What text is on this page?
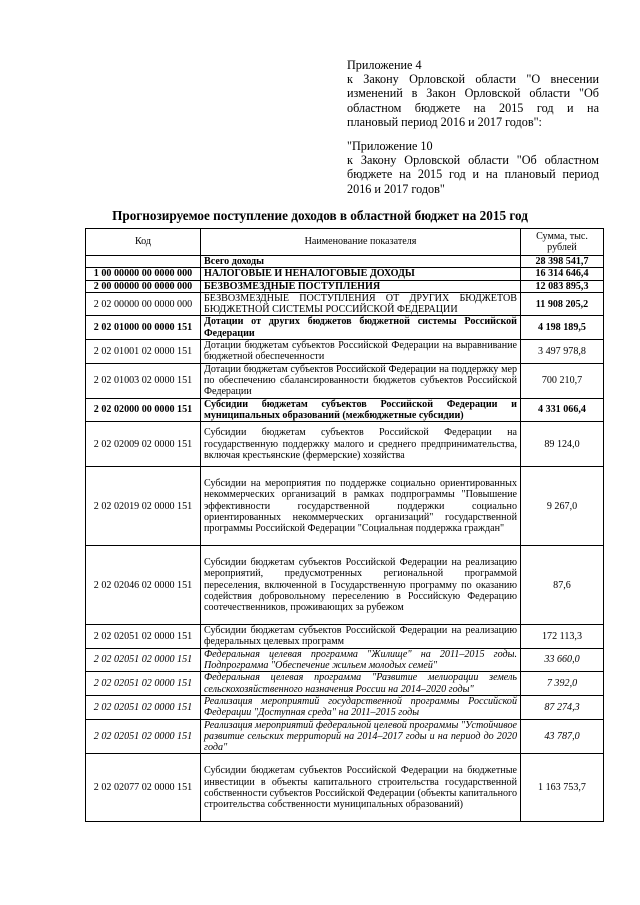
Приложение 4
к Закону Орловской области "О внесении
изменений в Закон Орловской области "Об
областном бюджете на 2015 год и на
плановый период 2016 и 2017 годов":
"Приложение 10
к Закону Орловской области "Об областном
бюджете на 2015 год и на плановый период
2016 и 2017 годов"
Прогнозируемое поступление доходов в областной бюджет на 2015 год
Код	Наименование показателя	Сумма, тыс. рублей
	Всего доходы	28 398 541,7
1 00 00000 00 0000 000	НАЛОГОВЫЕ И НЕНАЛОГОВЫЕ ДОХОДЫ	16 314 646,4
2 00 00000 00 0000 000	БЕЗВОЗМЕЗДНЫЕ ПОСТУПЛЕНИЯ	12 083 895,3
2 02 00000 00 0000 000	БЕЗВОЗМЕЗДНЫЕ ПОСТУПЛЕНИЯ ОТ ДРУГИХ БЮДЖЕТОВ БЮДЖЕТНОЙ СИСТЕМЫ РОССИЙСКОЙ ФЕДЕРАЦИИ	11 908 205,2
2 02 01000 00 0000 151	Дотации от других бюджетов бюджетной системы Российской Федерации	4 198 189,5
2 02 01001 02 0000 151	Дотации бюджетам субъектов Российской Федерации на выравнивание бюджетной обеспеченности	3 497 978,8
2 02 01003 02 0000 151	Дотации бюджетам субъектов Российской Федерации на поддержку мер по обеспечению сбалансированности бюджетов субъектов Российской Федерации	700 210,7
2 02 02000 00 0000 151	Субсидии бюджетам субъектов Российской Федерации и муниципальных образований (межбюджетные субсидии)	4 331 066,4
2 02 02009 02 0000 151	Субсидии бюджетам субъектов Российской Федерации на государственную поддержку малого и среднего предпринимательства, включая крестьянские (фермерские) хозяйства	89 124,0
2 02 02019 02 0000 151	Субсидии на мероприятия по поддержке социально ориентированных некоммерческих организаций в рамках подпрограммы "Повышение эффективности государственной поддержки социально ориентированных некоммерческих организаций" государственной программы Российской Федерации "Социальная поддержка граждан"	9 267,0
2 02 02046 02 0000 151	Субсидии бюджетам субъектов Российской Федерации на реализацию мероприятий, предусмотренных региональной программой переселения, включенной в Государственную программу по оказанию содействия добровольному переселению в Российскую Федерацию соотечественников, проживающих за рубежом	87,6
2 02 02051 02 0000 151	Субсидии бюджетам субъектов Российской Федерации на реализацию федеральных целевых программ	172 113,3
2 02 02051 02 0000 151	Федеральная целевая программа "Жилище" на 2011–2015 годы. Подпрограмма "Обеспечение жильем молодых семей"	33 660,0
2 02 02051 02 0000 151	Федеральная целевая программа "Развитие мелиорации земель сельскохозяйственного назначения России на 2014–2020 годы"	7 392,0
2 02 02051 02 0000 151	Реализация мероприятий государственной программы Российской Федерации "Доступная среда" на 2011–2015 годы	87 274,3
2 02 02051 02 0000 151	Реализация мероприятий федеральной целевой программы "Устойчивое развитие сельских территорий на 2014–2017 годы и на период до 2020 года"	43 787,0
2 02 02077 02 0000 151	Субсидии бюджетам субъектов Российской Федерации на бюджетные инвестиции в объекты капитального строительства государственной собственности субъектов Российской Федерации (объекты капитального строительства собственности муниципальных образований)	1 163 753,7
